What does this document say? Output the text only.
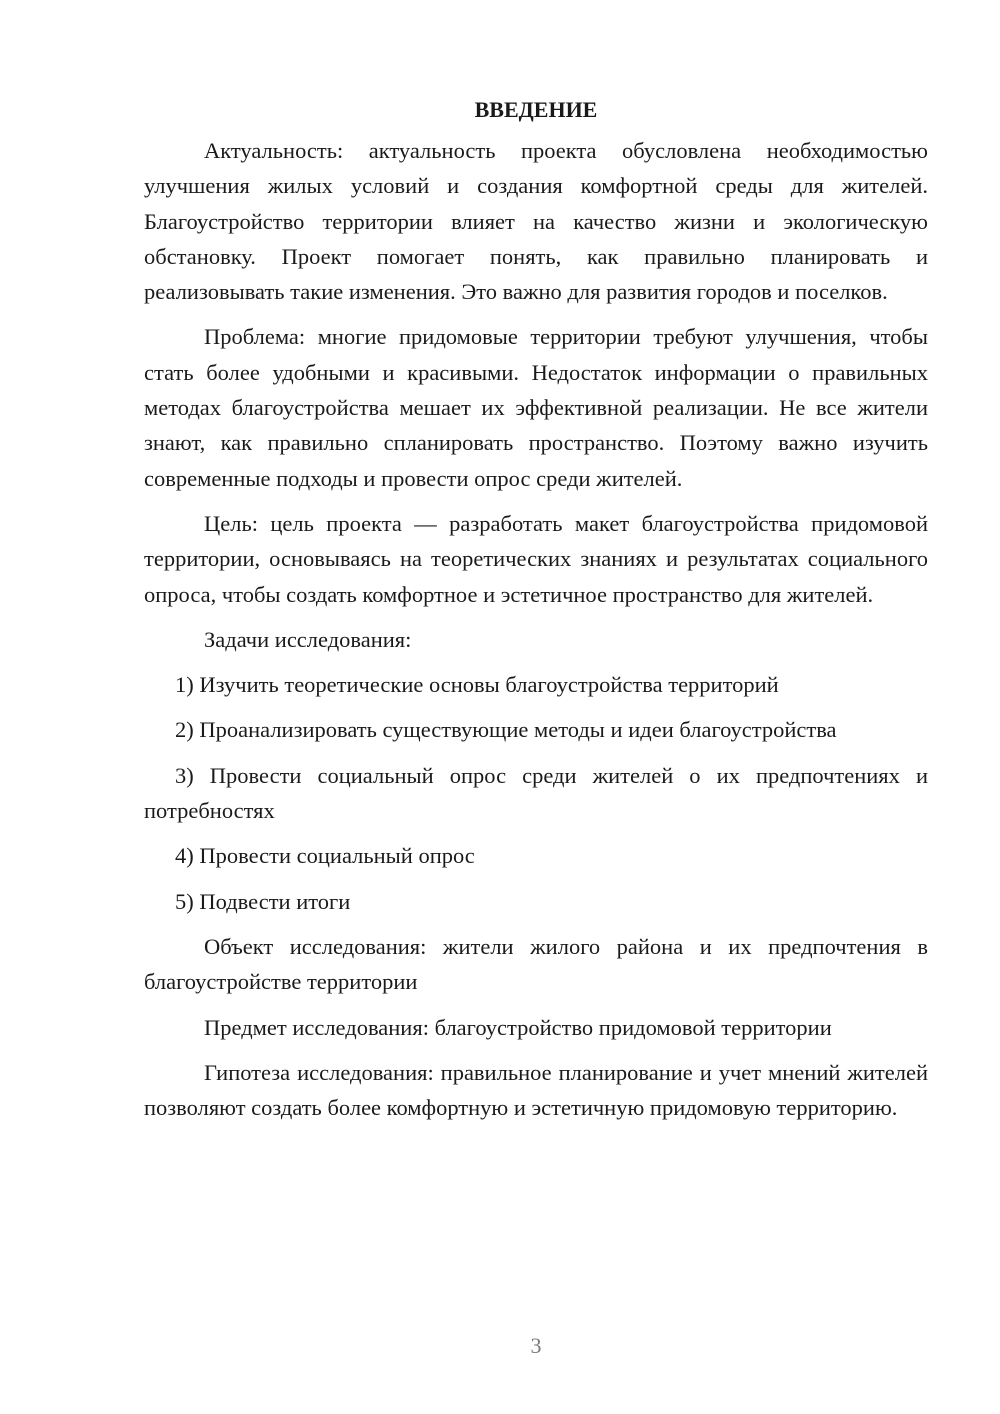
ВВЕДЕНИЕ

Актуальность: актуальность проекта обусловлена необходимостью улучшения жилых условий и создания комфортной среды для жителей. Благоустройство территории влияет на качество жизни и экологическую обстановку. Проект помогает понять, как правильно планировать и реализовывать такие изменения. Это важно для развития городов и поселков.

Проблема: многие придомовые территории требуют улучшения, чтобы стать более удобными и красивыми. Недостаток информации о правильных методах благоустройства мешает их эффективной реализации. Не все жители знают, как правильно спланировать пространство. Поэтому важно изучить современные подходы и провести опрос среди жителей.

Цель: цель проекта — разработать макет благоустройства придомовой территории, основываясь на теоретических знаниях и результатах социального опроса, чтобы создать комфортное и эстетичное пространство для жителей.

Задачи исследования:

1) Изучить теоретические основы благоустройства территорий

2) Проанализировать существующие методы и идеи благоустройства

3) Провести социальный опрос среди жителей о их предпочтениях и потребностях

4) Провести социальный опрос

5) Подвести итоги

Объект исследования: жители жилого района и их предпочтения в благоустройстве территории

Предмет исследования: благоустройство придомовой территории

Гипотеза исследования: правильное планирование и учет мнений жителей позволяют создать более комфортную и эстетичную придомовую территорию.

3
